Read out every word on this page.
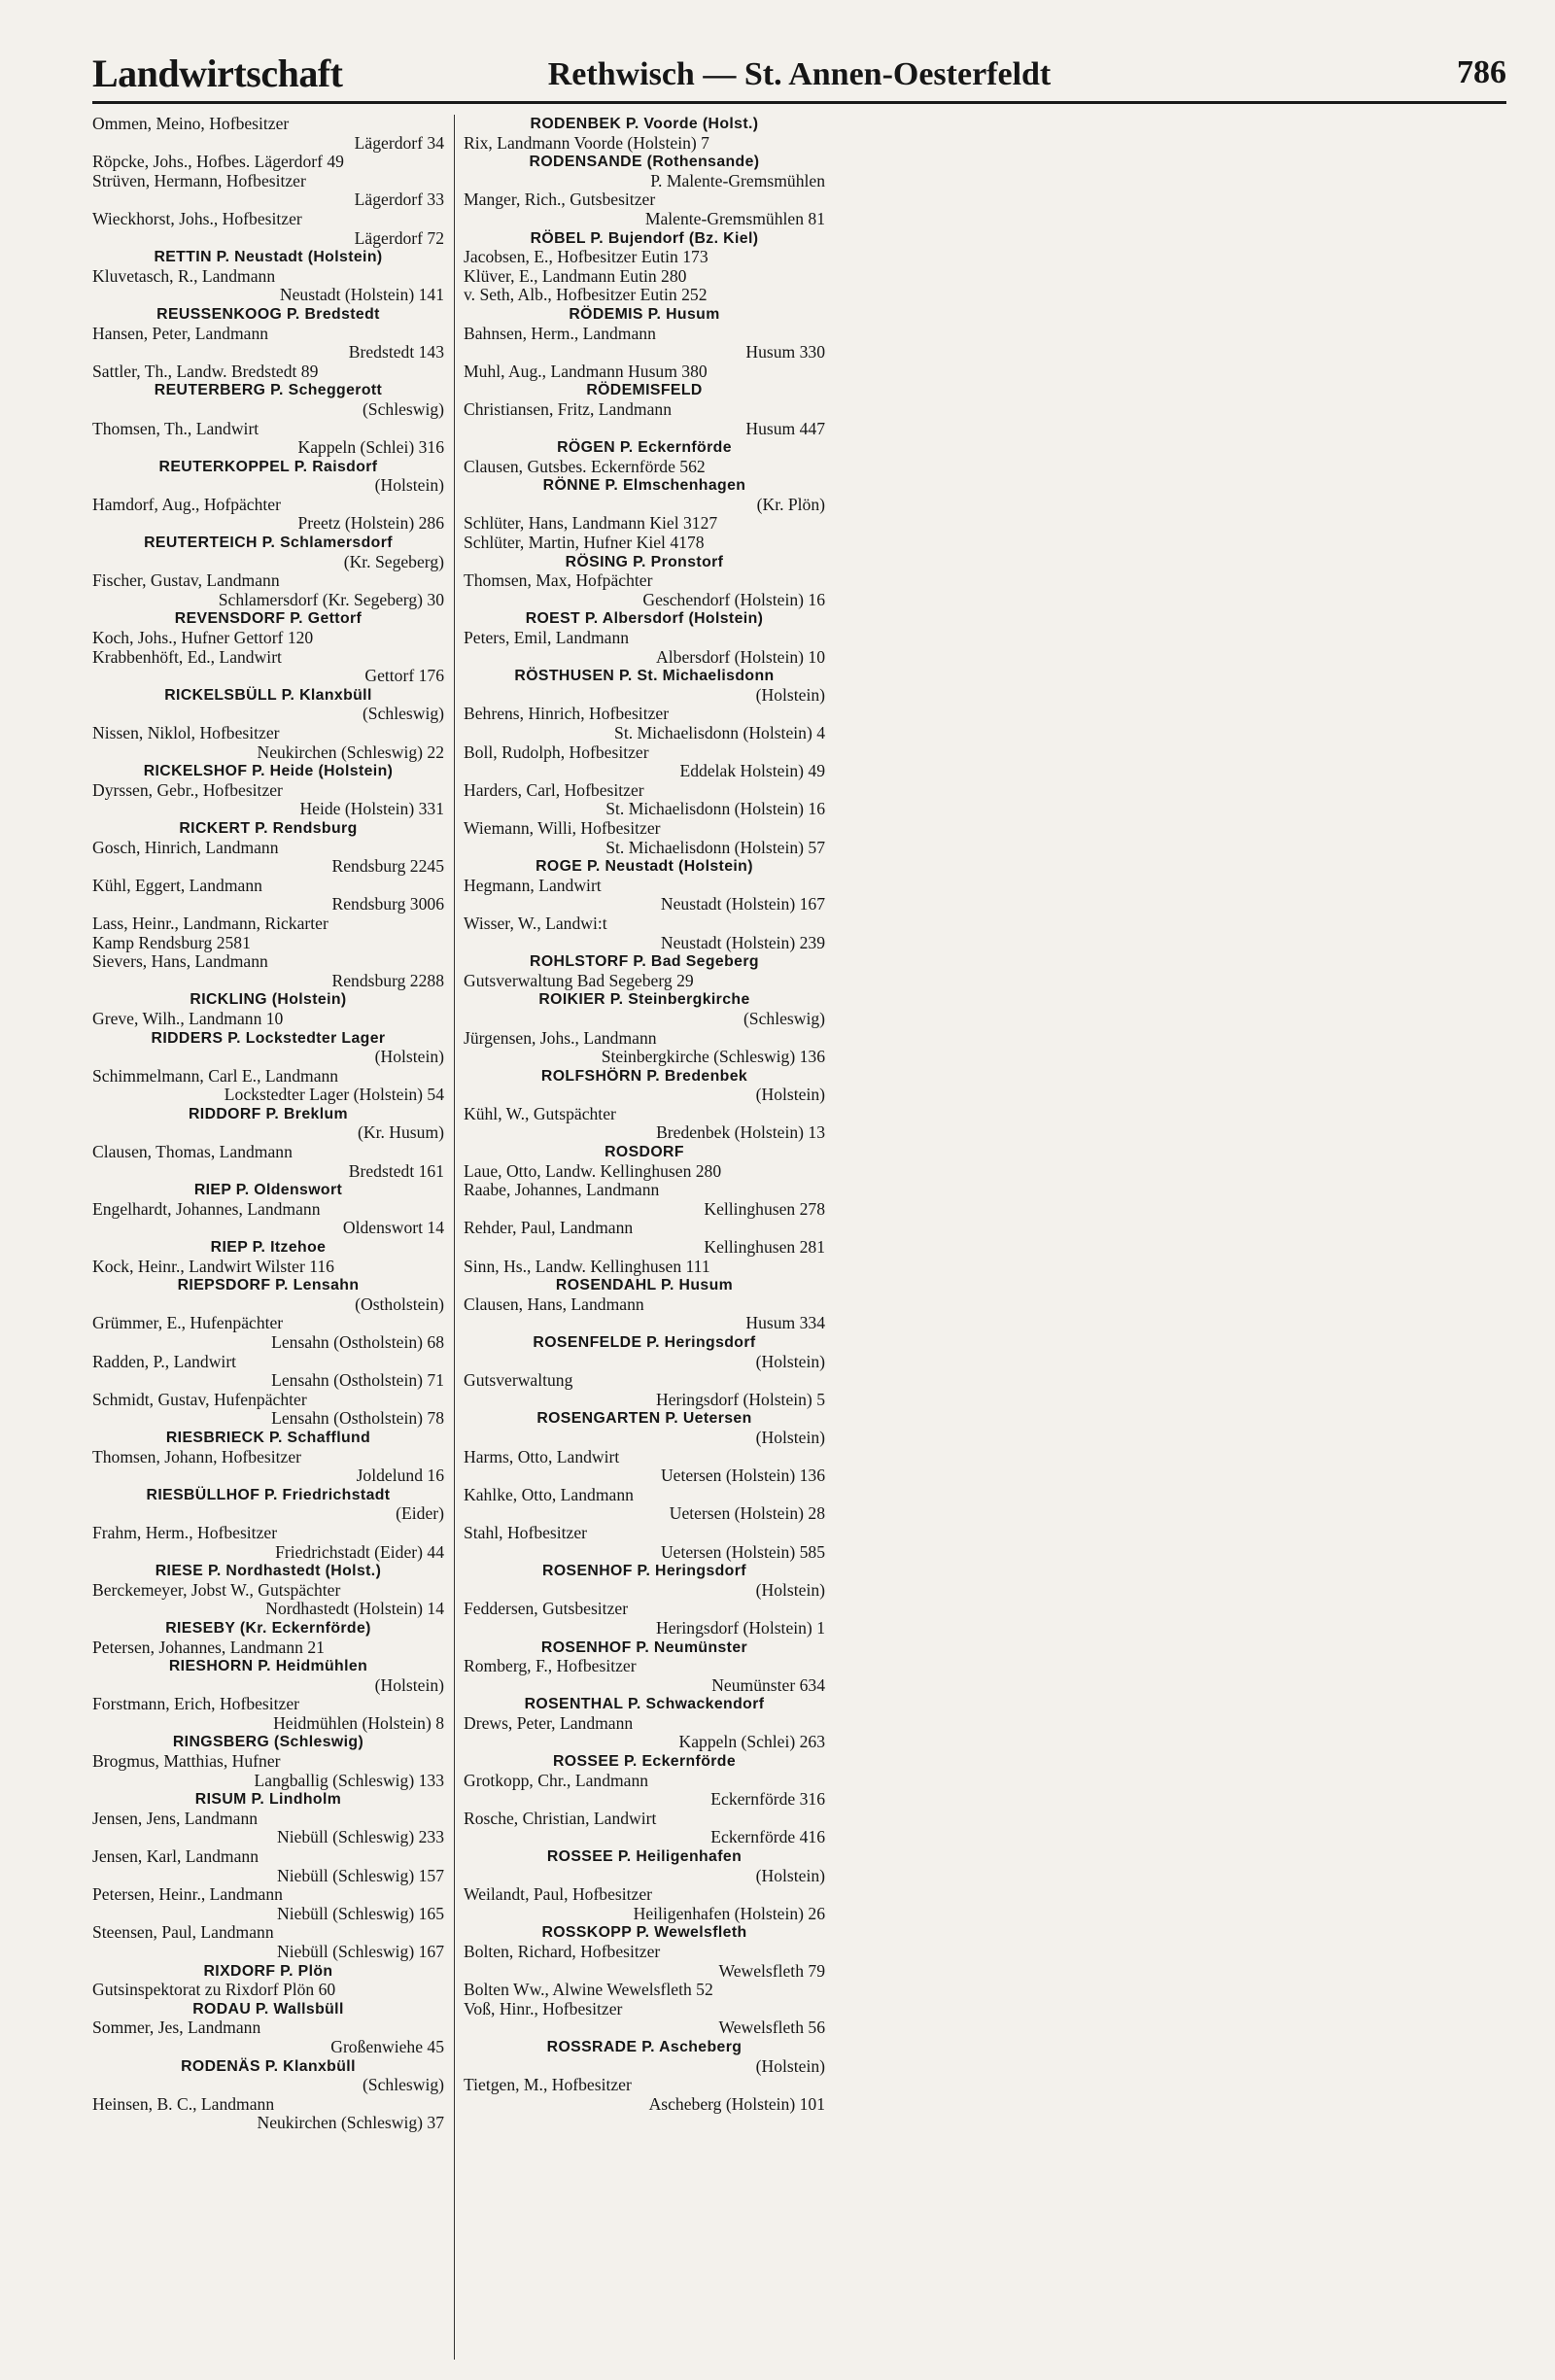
Landwirtschaft	Rethwisch — St. Annen-Oesterfeldt	786
Ommen, Meino, Hofbesitzer
Lägerdorf 34
Röpcke, Johs., Hofbes. Lägerdorf 49
Strüven, Hermann, Hofbesitzer
Lägerdorf 33
Wieckhorst, Johs., Hofbesitzer
Lägerdorf 72
RETTIN P. Neustadt (Holstein)
Kluvetasch, R., Landmann
Neustadt (Holstein) 141
REUSSENKOOG P. Bredstedt
Hansen, Peter, Landmann
Bredstedt 143
Sattler, Th., Landw. Bredstedt 89
REUTERBERG P. Scheggerott
(Schleswig)
Thomsen, Th., Landwirt
Kappeln (Schlei) 316
REUTERKOPPEL P. Raisdorf
(Holstein)
Hamdorf, Aug., Hofpächter
Preetz (Holstein) 286
REUTERTEICH P. Schlamersdorf
(Kr. Segeberg)
Fischer, Gustav, Landmann
Schlamersdorf (Kr. Segeberg) 30
REVENSDORF P. Gettorf
Koch, Johs., Hufner Gettorf 120
Krabbenhöft, Ed., Landwirt
Gettorf 176
RICKELSBÜLL P. Klanxbüll
(Schleswig)
Nissen, Niklol, Hofbesitzer
Neukirchen (Schleswig) 22
RICKELSHOF P. Heide (Holstein)
Dyrssen, Gebr., Hofbesitzer
Heide (Holstein) 331
RICKERT P. Rendsburg
Gosch, Hinrich, Landmann
Rendsburg 2245
Kühl, Eggert, Landmann
Rendsburg 3006
Lass, Heinr., Landmann, Rickarter
Kamp Rendsburg 2581
Sievers, Hans, Landmann
Rendsburg 2288
RICKLING (Holstein)
Greve, Wilh., Landmann 10
RIDDERS P. Lockstedter Lager
(Holstein)
Schimmelmann, Carl E., Landmann
Lockstedter Lager (Holstein) 54
RIDDORF P. Breklum
(Kr. Husum)
Clausen, Thomas, Landmann
Bredstedt 161
RIEP P. Oldenswort
Engelhardt, Johannes, Landmann
Oldenswort 14
RIEP P. Itzehoe
Kock, Heinr., Landwirt Wilster 116
RIEPSDORF P. Lensahn
(Ostholstein)
Grümmer, E., Hufenpächter
Lensahn (Ostholstein) 68
Radden, P., Landwirt
Lensahn (Ostholstein) 71
Schmidt, Gustav, Hufenpächter
Lensahn (Ostholstein) 78
RIESBRIECK P. Schafflund
Thomsen, Johann, Hofbesitzer
Joldelund 16
RIESBÜLLHOF P. Friedrichstadt
(Eider)
Frahm, Herm., Hofbesitzer
Friedrichstadt (Eider) 44
RIESE P. Nordhastedt (Holst.)
Berckemeyer, Jobst W., Gutspächter
Nordhastedt (Holstein) 14
RIESEBY (Kr. Eckernförde)
Petersen, Johannes, Landmann 21
RIESHORN P. Heidmühlen
(Holstein)
Forstmann, Erich, Hofbesitzer
Heidmühlen (Holstein) 8
RINGSBERG (Schleswig)
Brogmus, Matthias, Hufner
Langballig (Schleswig) 133
RISUM P. Lindholm
Jensen, Jens, Landmann
Niebüll (Schleswig) 233
Jensen, Karl, Landmann
Niebüll (Schleswig) 157
Petersen, Heinr., Landmann
Niebüll (Schleswig) 165
Steensen, Paul, Landmann
Niebüll (Schleswig) 167
RIXDORF P. Plön
Gutsinspektorat zu Rixdorf Plön 60
RODAU P. Wallsbüll
Sommer, Jes, Landmann
Großenwiehe 45
RODENÄS P. Klanxbüll
(Schleswig)
Heinsen, B. C., Landmann
Neukirchen (Schleswig) 37
RODENBEK P. Voorde (Holst.)
Rix, Landmann Voorde (Holstein) 7
RODENSANDE (Rothensande)
P. Malente-Gremsmühlen
Manger, Rich., Gutsbesitzer
Malente-Gremsmühlen 81
RÖBEL P. Bujendorf (Bz. Kiel)
Jacobsen, E., Hofbesitzer Eutin 173
Klüver, E., Landmann Eutin 280
v. Seth, Alb., Hofbesitzer Eutin 252
RÖDEMIS P. Husum
Bahnsen, Herm., Landmann
Husum 330
Muhl, Aug., Landmann Husum 380
RÖDEMISFELD
Christiansen, Fritz, Landmann
Husum 447
RÖGEN P. Eckernförde
Clausen, Gutsbes. Eckernförde 562
RÖNNE P. Elmschenhagen
(Kr. Plön)
Schlüter, Hans, Landmann Kiel 3127
Schlüter, Martin, Hufner Kiel 4178
RÖSING P. Pronstorf
Thomsen, Max, Hofpächter
Geschendorf (Holstein) 16
ROEST P. Albersdorf (Holstein)
Peters, Emil, Landmann
Albersdorf (Holstein) 10
RÖSTHUSEN P. St. Michaelisdonn
(Holstein)
Behrens, Hinrich, Hofbesitzer
St. Michaelisdonn (Holstein) 4
Boll, Rudolph, Hofbesitzer
Eddelak Holstein) 49
Harders, Carl, Hofbesitzer
St. Michaelisdonn (Holstein) 16
Wiemann, Willi, Hofbesitzer
St. Michaelisdonn (Holstein) 57
ROGE P. Neustadt (Holstein)
Hegmann, Landwirt
Neustadt (Holstein) 167
Wisser, W., Landwi:t
Neustadt (Holstein) 239
ROHLSTORF P. Bad Segeberg
Gutsverwaltung Bad Segeberg 29
ROIKIER P. Steinbergkirche
(Schleswig)
Jürgensen, Johs., Landmann
Steinbergkirche (Schleswig) 136
ROLFSHÖRN P. Bredenbek
(Holstein)
Kühl, W., Gutspächter
Bredenbek (Holstein) 13
ROSDORF
Laue, Otto, Landw. Kellinghusen 280
Raabe, Johannes, Landmann
Kellinghusen 278
Rehder, Paul, Landmann
Kellinghusen 281
Sinn, Hs., Landw. Kellinghusen 111
ROSENDAHL P. Husum
Clausen, Hans, Landmann
Husum 334
ROSENFELDE P. Heringsdorf
(Holstein)
Gutsverwaltung
Heringsdorf (Holstein) 5
ROSENGARTEN P. Uetersen
(Holstein)
Harms, Otto, Landwirt
Uetersen (Holstein) 136
Kahlke, Otto, Landmann
Uetersen (Holstein) 28
Stahl, Hofbesitzer
Uetersen (Holstein) 585
ROSENHOF P. Heringsdorf
(Holstein)
Feddersen, Gutsbesitzer
Heringsdorf (Holstein) 1
ROSENHOF P. Neumünster
Romberg, F., Hofbesitzer
Neumünster 634
ROSENTHAL P. Schwackendorf
Drews, Peter, Landmann
Kappeln (Schlei) 263
ROSSEE P. Eckernförde
Grotkopp, Chr., Landmann
Eckernförde 316
Rosche, Christian, Landwirt
Eckernförde 416
ROSSEE P. Heiligenhafen
(Holstein)
Weilandt, Paul, Hofbesitzer
Heiligenhafen (Holstein) 26
ROSSKOPP P. Wewelsfleth
Bolten, Richard, Hofbesitzer
Wewelsfleth 79
Bolten Ww., Alwine Wewelsfleth 52
Voß, Hinr., Hofbesitzer
Wewelsfleth 56
ROSSRADE P. Ascheberg
(Holstein)
Tietgen, M., Hofbesitzer
Ascheberg (Holstein) 101
